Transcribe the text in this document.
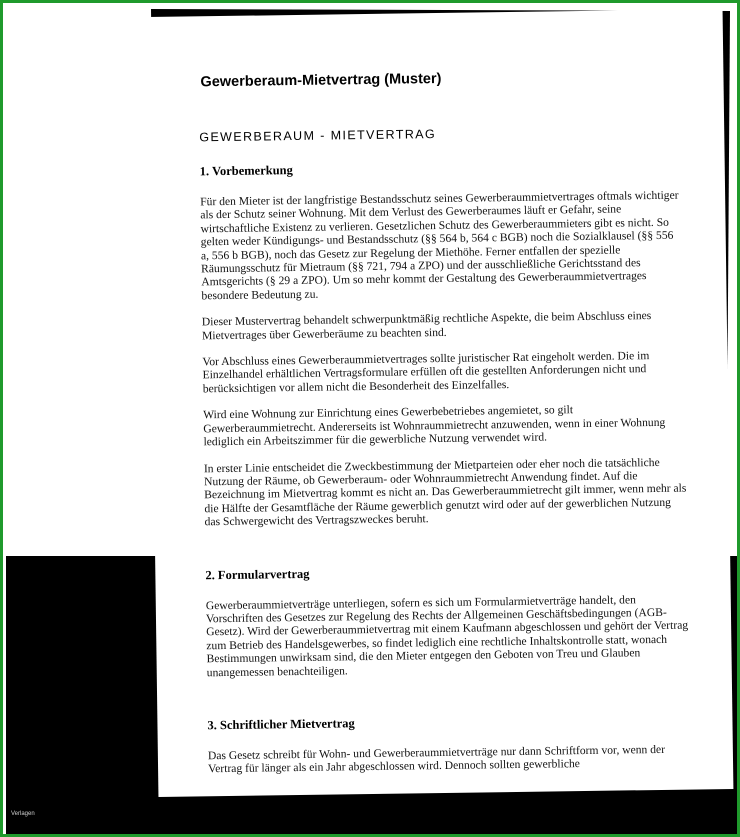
Gewerberaum-Mietvertrag (Muster)
GEWERBERAUM - MIETVERTRAG
1. Vorbemerkung

Für den Mieter ist der langfristige Bestandsschutz seines Gewerberaummietvertrages oftmals wichtiger als der Schutz seiner Wohnung. Mit dem Verlust des Gewerberaumes läuft er Gefahr, seine wirtschaftliche Existenz zu verlieren. Gesetzlichen Schutz des Gewerberaummieters gibt es nicht. So gelten weder Kündigungs- und Bestandsschutz (§§ 564 b, 564 c BGB) noch die Sozialklausel (§§ 556 a, 556 b BGB), noch das Gesetz zur Regelung der Miethöhe. Ferner entfallen der spezielle Räumungsschutz für Mietraum (§§ 721, 794 a ZPO) und der ausschließliche Gerichtsstand des Amtsgerichts (§ 29 a ZPO). Um so mehr kommt der Gestaltung des Gewerberaummietvertrages besondere Bedeutung zu.

Dieser Mustervertrag behandelt schwerpunktmäßig rechtliche Aspekte, die beim Abschluss eines Mietvertrages über Gewerberäume zu beachten sind.

Vor Abschluss eines Gewerberaummietvertrages sollte juristischer Rat eingeholt werden. Die im Einzelhandel erhältlichen Vertragsformulare erfüllen oft die gestellten Anforderungen nicht und berücksichtigen vor allem nicht die Besonderheit des Einzelfalles.

Wird eine Wohnung zur Einrichtung eines Gewerbebetriebes angemietet, so gilt Gewerberaummietrecht. Andererseits ist Wohnraummietrecht anzuwenden, wenn in einer Wohnung lediglich ein Arbeitszimmer für die gewerbliche Nutzung verwendet wird.

In erster Linie entscheidet die Zweckbestimmung der Mietparteien oder eher noch die tatsächliche Nutzung der Räume, ob Gewerberaum- oder Wohnraummietrecht Anwendung findet. Auf die Bezeichnung im Mietvertrag kommt es nicht an. Das Gewerberaummietrecht gilt immer, wenn mehr als die Hälfte der Gesamtfläche der Räume gewerblich genutzt wird oder auf der gewerblichen Nutzung das Schwergewicht des Vertragszweckes beruht.

2. Formularvertrag

Gewerberaummietverträge unterliegen, sofern es sich um Formularmietverträge handelt, den Vorschriften des Gesetzes zur Regelung des Rechts der Allgemeinen Geschäftsbedingungen (AGB-Gesetz). Wird der Gewerberaummietvertrag mit einem Kaufmann abgeschlossen und gehört der Vertrag zum Betrieb des Handelsgewerbes, so findet lediglich eine rechtliche Inhaltskontrolle statt, wonach Bestimmungen unwirksam sind, die den Mieter entgegen den Geboten von Treu und Glauben unangemessen benachteiligen.

3. Schriftlicher Mietvertrag

Das Gesetz schreibt für Wohn- und Gewerberaummietverträge nur dann Schriftform vor, wenn der Vertrag für länger als ein Jahr abgeschlossen wird. Dennoch sollten gewerbliche

Verlagen
